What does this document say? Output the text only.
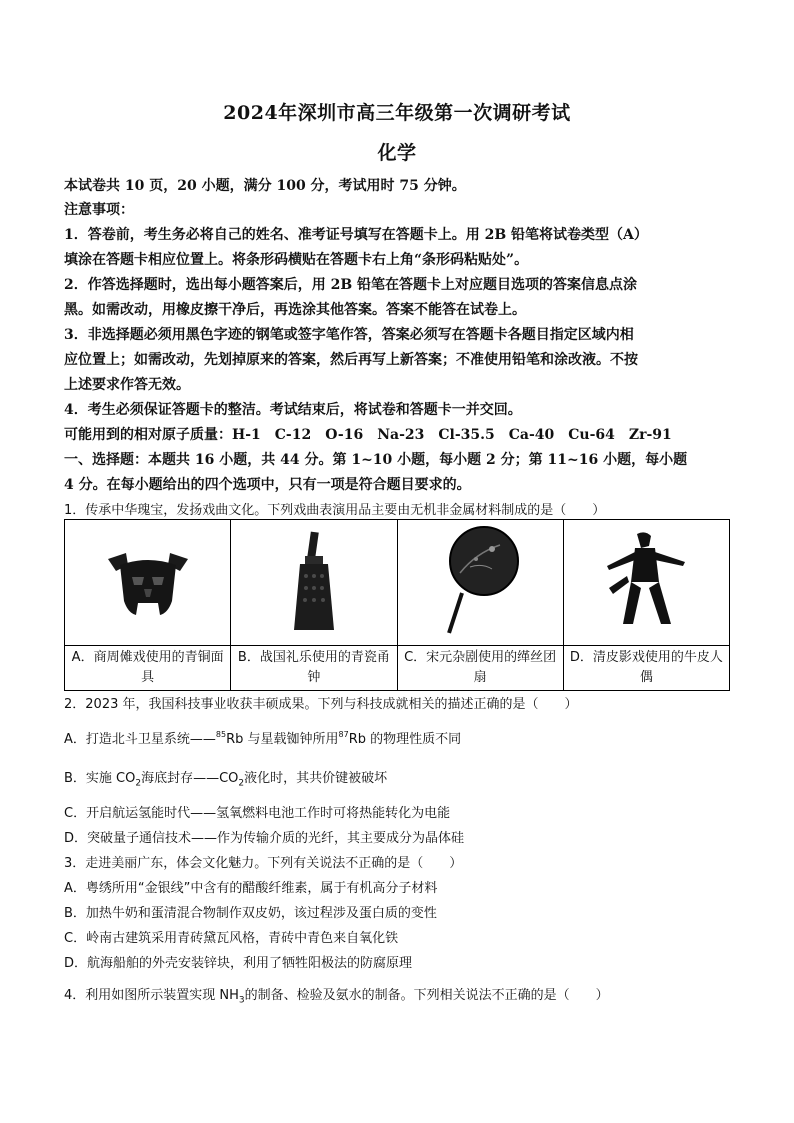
2024年深圳市高三年级第一次调研考试
化学
本试卷共 10 页，20 小题，满分 100 分，考试用时 75 分钟。
注意事项：
1．答卷前，考生务必将自己的姓名、准考证号填写在答题卡上。用 2B 铅笔将试卷类型（A）
填涂在答题卡相应位置上。将条形码横贴在答题卡右上角“条形码粘贴处”。
2．作答选择题时，选出每小题答案后，用 2B 铅笔在答题卡上对应题目选项的答案信息点涂
黑。如需改动，用橡皮擦干净后，再选涂其他答案。答案不能答在试卷上。
3．非选择题必须用黑色字迹的钢笔或签字笔作答，答案必须写在答题卡各题目指定区域内相
应位置上；如需改动，先划掉原来的答案，然后再写上新答案；不准使用铅笔和涂改液。不按
上述要求作答无效。
4．考生必须保证答题卡的整洁。考试结束后，将试卷和答题卡一并交回。
可能用到的相对原子质量：H-1　C-12　O-16　Na-23　Cl-35.5　Ca-40　Cu-64　Zr-91
一、选择题：本题共 16 小题，共 44 分。第 1~10 小题，每小题 2 分；第 11~16 小题，每小题
4 分。在每小题给出的四个选项中，只有一项是符合题目要求的。
1．传承中华瑰宝，发扬戏曲文化。下列戏曲表演用品主要由无机非金属材料制成的是（　　）

A．商周傩戏使用的青铜面具	B．战国礼乐使用的青瓷甬钟	C．宋元杂剧使用的缂丝团扇	D．清皮影戏使用的牛皮人偶
2．2023 年，我国科技事业收获丰硕成果。下列与科技成就相关的描述正确的是（　　）
A．打造北斗卫星系统——$^{85}$Rb 与星载铷钟所用$^{87}$Rb 的物理性质不同
B．实施 $CO_2$海底封存$——CO_2$液化时，其共价键被破坏
C．开启航运氢能时代——氢氧燃料电池工作时可将热能转化为电能
D．突破量子通信技术——作为传输介质的光纤，其主要成分为晶体硅
3．走进美丽广东，体会文化魅力。下列有关说法不正确的是（　　）
A．粤绣所用“金银线”中含有的醋酸纤维素，属于有机高分子材料
B．加热牛奶和蛋清混合物制作双皮奶，该过程涉及蛋白质的变性
C．岭南古建筑采用青砖黛瓦风格，青砖中青色来自氧化铁
D．航海船舶的外壳安装锌块，利用了牺牲阳极法的防腐原理
4．利用如图所示装置实现 $NH_3$的制备、检验及氨水的制备。下列相关说法不正确的是（　　）
